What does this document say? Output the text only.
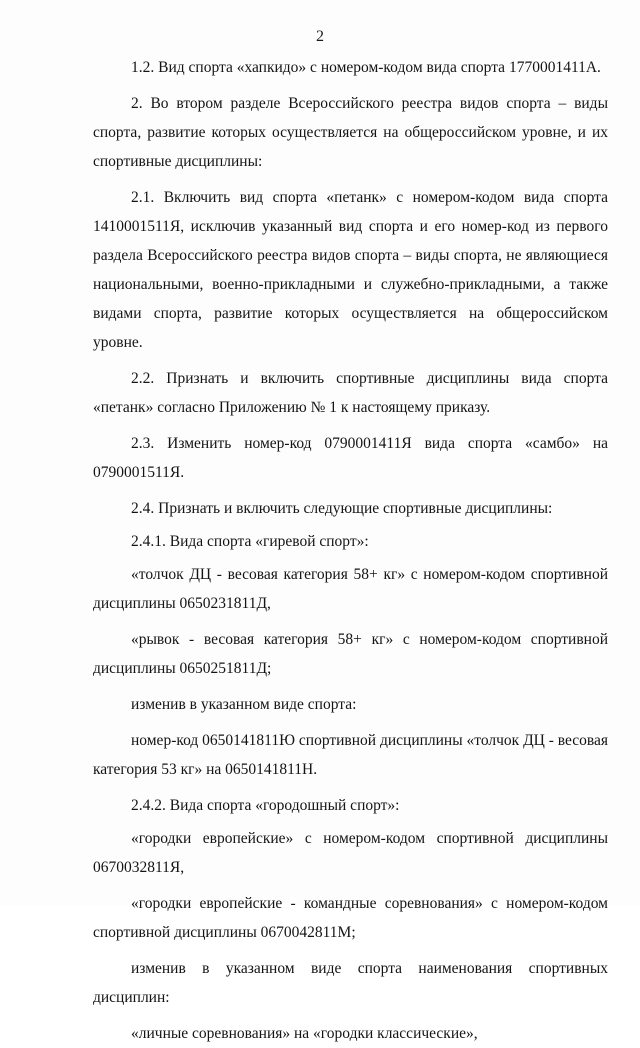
2

1.2. Вид спорта «хапкидо» с номером-кодом вида спорта 1770001411А.

2. Во втором разделе Всероссийского реестра видов спорта – виды спорта, развитие которых осуществляется на общероссийском уровне, и их спортивные дисциплины:

2.1. Включить вид спорта «петанк» с номером-кодом вида спорта 1410001511Я, исключив указанный вид спорта и его номер-код из первого раздела Всероссийского реестра видов спорта – виды спорта, не являющиеся национальными, военно-прикладными и служебно-прикладными, а также видами спорта, развитие которых осуществляется на общероссийском уровне.

2.2. Признать и включить спортивные дисциплины вида спорта «петанк» согласно Приложению № 1 к настоящему приказу.

2.3. Изменить номер-код 0790001411Я вида спорта «самбо» на 0790001511Я.

2.4. Признать и включить следующие спортивные дисциплины:

2.4.1. Вида спорта «гиревой спорт»:

«толчок ДЦ - весовая категория 58+ кг» с номером-кодом спортивной дисциплины 0650231811Д,

«рывок - весовая категория 58+ кг» с номером-кодом спортивной дисциплины 0650251811Д;

изменив в указанном виде спорта:

номер-код 0650141811Ю спортивной дисциплины «толчок ДЦ - весовая категория 53 кг» на 0650141811Н.

2.4.2. Вида спорта «городошный спорт»:

«городки европейские» с номером-кодом спортивной дисциплины 0670032811Я,

«городки европейские - командные соревнования» с номером-кодом спортивной дисциплины 0670042811М;

изменив в указанном виде спорта наименования спортивных дисциплин:

«личные соревнования» на «городки классические»,
